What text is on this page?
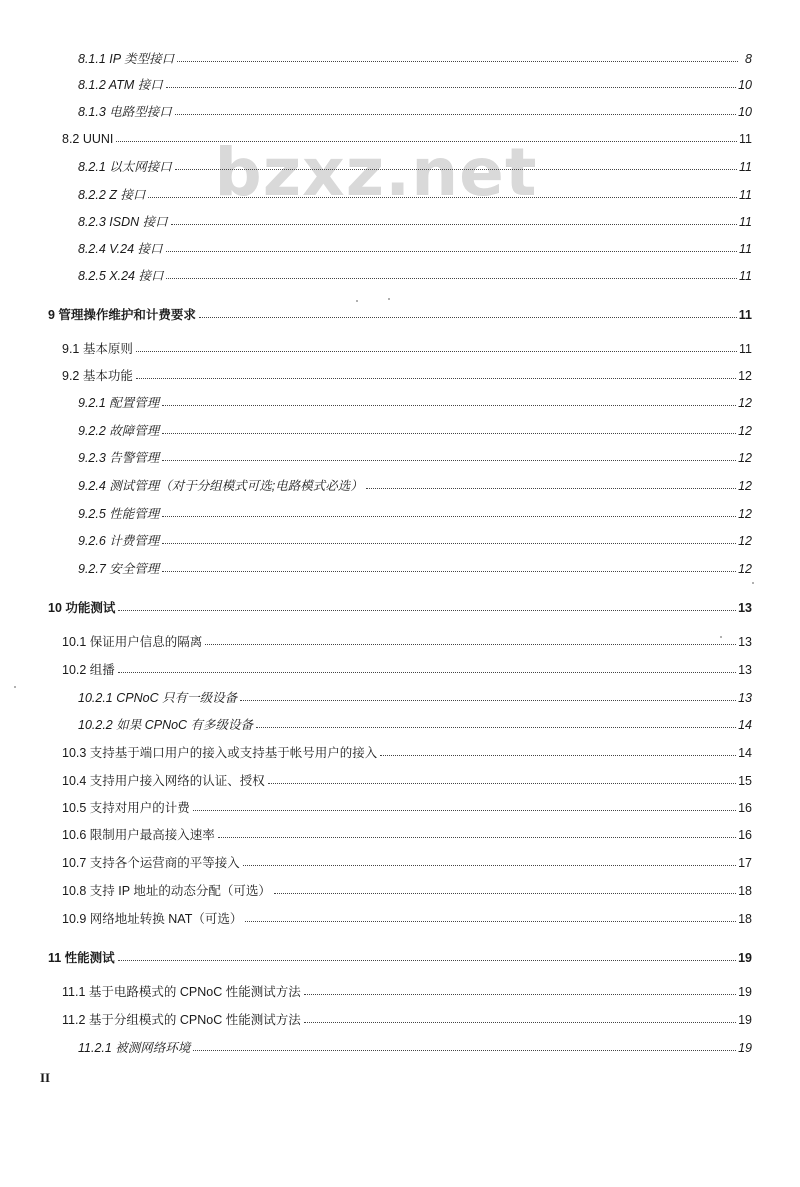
bzxz.net
8.1.1 IP 类型接口	8
8.1.2 ATM 接口	10
8.1.3 电路型接口	10
8.2 UUNI	11
8.2.1 以太网接口	11
8.2.2 Z 接口	11
8.2.3 ISDN 接口	11
8.2.4 V.24 接口	11
8.2.5 X.24 接口	11
9 管理操作维护和计费要求	11
9.1 基本原则	11
9.2 基本功能	12
9.2.1 配置管理	12
9.2.2 故障管理	12
9.2.3 告警管理	12
9.2.4 测试管理（对于分组模式可选;电路模式必选）	12
9.2.5 性能管理	12
9.2.6 计费管理	12
9.2.7 安全管理	12
10 功能测试	13
10.1 保证用户信息的隔离	13
10.2 组播	13
10.2.1 CPNoC 只有一级设备	13
10.2.2 如果 CPNoC 有多级设备	14
10.3 支持基于端口用户的接入或支持基于帐号用户的接入	14
10.4 支持用户接入网络的认证、授权	15
10.5 支持对用户的计费	16
10.6 限制用户最高接入速率	16
10.7 支持各个运营商的平等接入	17
10.8 支持 IP 地址的动态分配（可选）	18
10.9 网络地址转换 NAT（可选）	18
11 性能测试	19
11.1 基于电路模式的 CPNoC 性能测试方法	19
11.2 基于分组模式的 CPNoC 性能测试方法	19
11.2.1 被测网络环境	19
II
